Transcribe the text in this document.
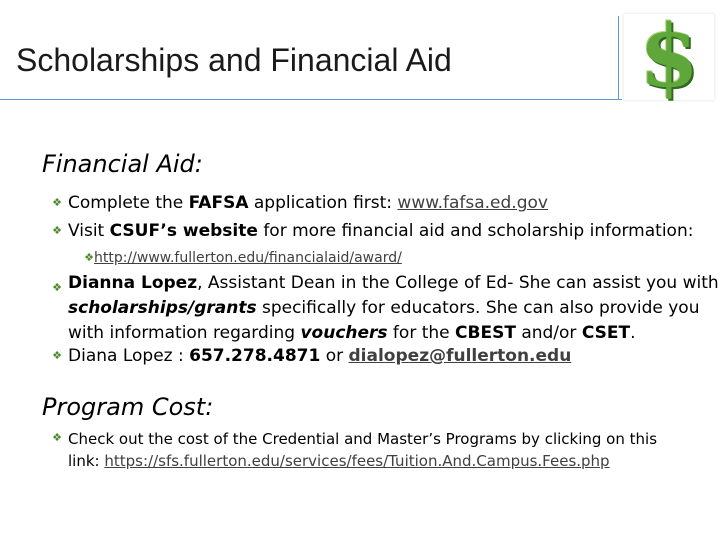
Scholarships and Financial Aid $
Financial Aid:
❖ Complete the FAFSA application first: www.fafsa.ed.gov
❖ Visit CSUF’s website for more financial aid and scholarship information:
❖ http://www.fullerton.edu/financialaid/award/
❖ Dianna Lopez, Assistant Dean in the College of Ed- She can assist you with
scholarships/grants specifically for educators. She can also provide you
with information regarding vouchers for the CBEST and/or CSET.
❖ Diana Lopez : 657.278.4871 or dialopez@fullerton.edu
Program Cost:
❖ Check out the cost of the Credential and Master’s Programs by clicking on this
link: https://sfs.fullerton.edu/services/fees/Tuition.And.Campus.Fees.php
